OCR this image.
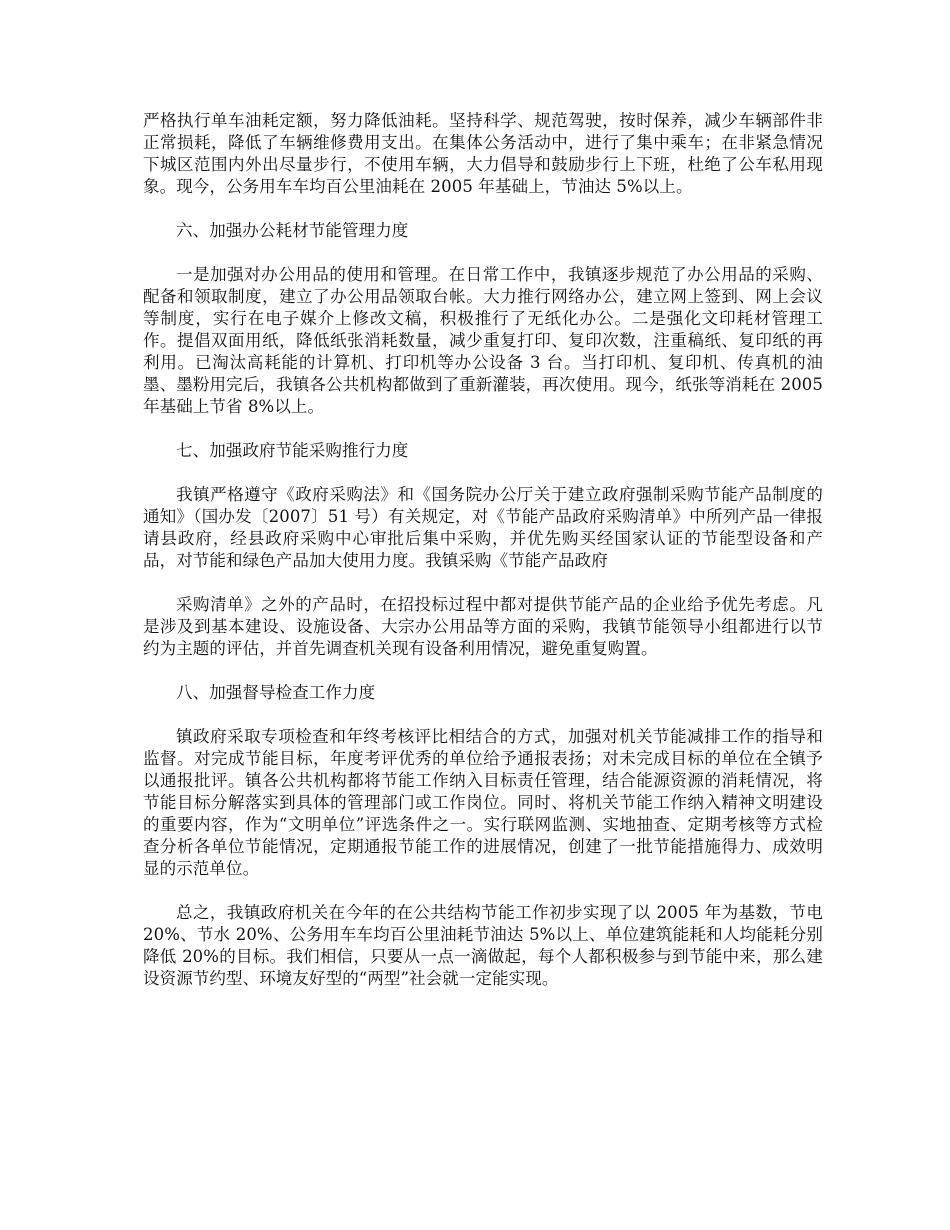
严格执行单车油耗定额，努力降低油耗。坚持科学、规范驾驶，按时保养，减少车辆部件非正常损耗，降低了车辆维修费用支出。在集体公务活动中，进行了集中乘车；在非紧急情况下城区范围内外出尽量步行，不使用车辆，大力倡导和鼓励步行上下班，杜绝了公车私用现象。现今，公务用车车均百公里油耗在 2005 年基础上，节油达 5%以上。

六、加强办公耗材节能管理力度

一是加强对办公用品的使用和管理。在日常工作中，我镇逐步规范了办公用品的采购、配备和领取制度，建立了办公用品领取台帐。大力推行网络办公，建立网上签到、网上会议等制度，实行在电子媒介上修改文稿，积极推行了无纸化办公。二是强化文印耗材管理工作。提倡双面用纸，降低纸张消耗数量，减少重复打印、复印次数，注重稿纸、复印纸的再利用。已淘汰高耗能的计算机、打印机等办公设备 3 台。当打印机、复印机、传真机的油墨、墨粉用完后，我镇各公共机构都做到了重新灌装，再次使用。现今，纸张等消耗在 2005 年基础上节省 8%以上。

七、加强政府节能采购推行力度

我镇严格遵守《政府采购法》和《国务院办公厅关于建立政府强制采购节能产品制度的通知》（国办发〔2007〕51 号）有关规定，对《节能产品政府采购清单》中所列产品一律报请县政府，经县政府采购中心审批后集中采购，并优先购买经国家认证的节能型设备和产品，对节能和绿色产品加大使用力度。我镇采购《节能产品政府

采购清单》之外的产品时，在招投标过程中都对提供节能产品的企业给予优先考虑。凡是涉及到基本建设、设施设备、大宗办公用品等方面的采购，我镇节能领导小组都进行以节约为主题的评估，并首先调查机关现有设备利用情况，避免重复购置。

八、加强督导检查工作力度

镇政府采取专项检查和年终考核评比相结合的方式，加强对机关节能减排工作的指导和监督。对完成节能目标，年度考评优秀的单位给予通报表扬；对未完成目标的单位在全镇予以通报批评。镇各公共机构都将节能工作纳入目标责任管理，结合能源资源的消耗情况，将节能目标分解落实到具体的管理部门或工作岗位。同时、将机关节能工作纳入精神文明建设的重要内容，作为“文明单位”评选条件之一。实行联网监测、实地抽查、定期考核等方式检查分析各单位节能情况，定期通报节能工作的进展情况，创建了一批节能措施得力、成效明显的示范单位。

总之，我镇政府机关在今年的在公共结构节能工作初步实现了以 2005 年为基数，节电 20%、节水 20%、公务用车车均百公里油耗节油达 5%以上、单位建筑能耗和人均能耗分别降低 20%的目标。我们相信，只要从一点一滴做起，每个人都积极参与到节能中来，那么建设资源节约型、环境友好型的“两型”社会就一定能实现。
